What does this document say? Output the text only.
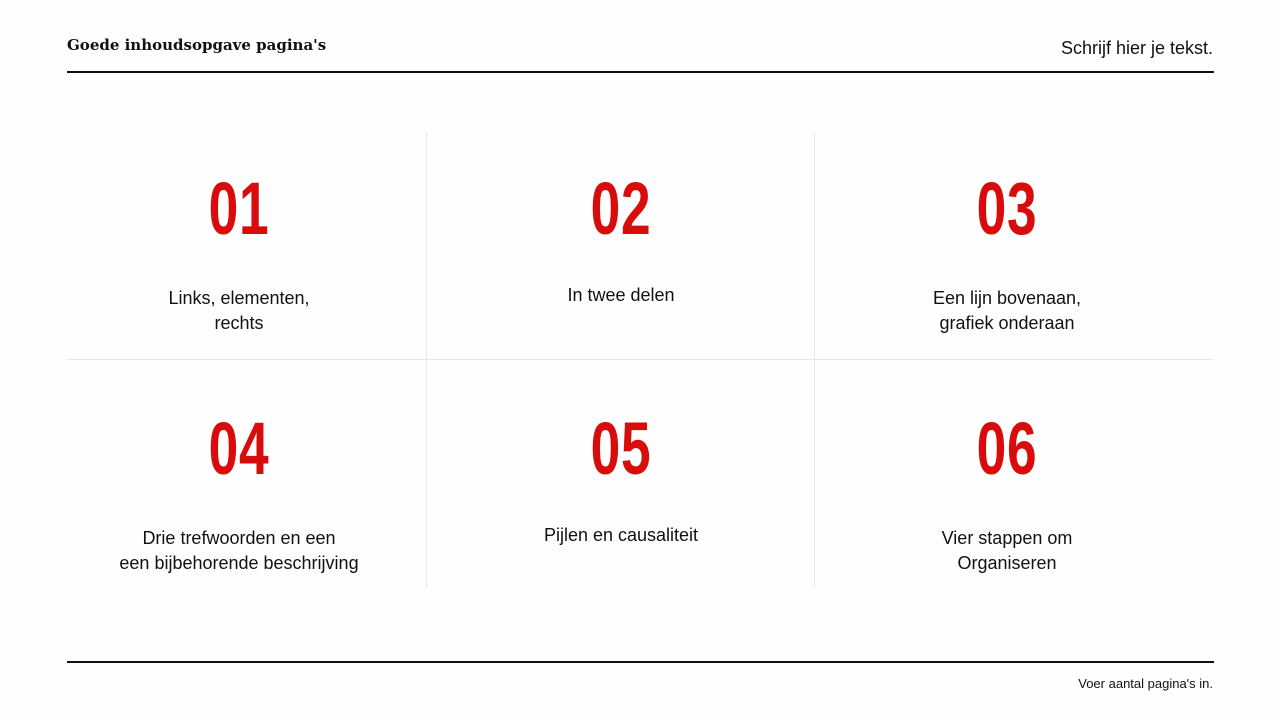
Goede inhoudsopgave pagina's	Schrijf hier je tekst.
01
Links, elementen,
rechts
02
In twee delen
03
Een lijn bovenaan,
grafiek onderaan
04
Drie trefwoorden en een
een bijbehorende beschrijving
05
Pijlen en causaliteit
06
Vier stappen om
Organiseren
Voer aantal pagina's in.
